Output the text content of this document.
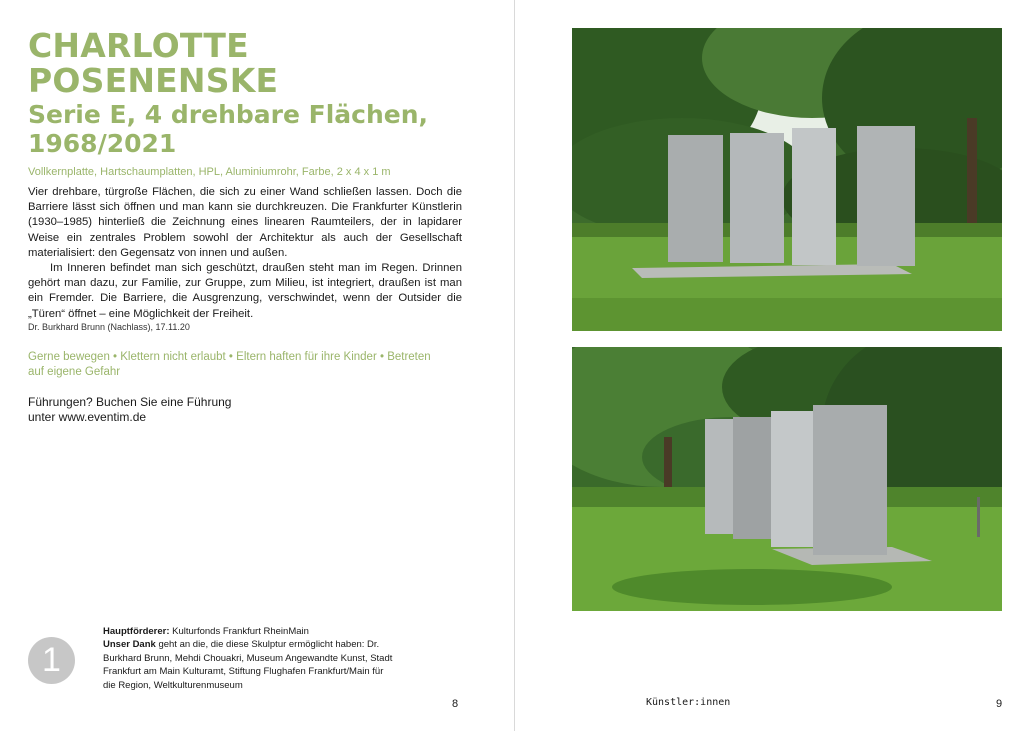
CHARLOTTE
POSENENSKE
Serie E, 4 drehbare Flächen,
1968/2021
Vollkernplatte, Hartschaumplatten, HPL, Aluminiumrohr, Farbe, 2 x 4 x 1 m

Vier drehbare, türgroße Flächen, die sich zu einer Wand schließen lassen. Doch die Barriere lässt sich öffnen und man kann sie durchkreuzen. Die Frankfurter Künstlerin (1930–1985) hinterließ die Zeichnung eines linearen Raumteilers, der in lapidarer Weise ein zentrales Problem sowohl der Architektur als auch der Gesellschaft materialisiert: den Gegensatz von innen und außen.

Im Inneren befindet man sich geschützt, draußen steht man im Regen. Drinnen gehört man dazu, zur Familie, zur Gruppe, zum Milieu, ist integriert, draußen ist man ein Fremder. Die Barriere, die Ausgrenzung, verschwindet, wenn der Outsider die „Türen“ öffnet – eine Möglichkeit der Freiheit.

Dr. Burkhard Brunn (Nachlass), 17.11.20
Gerne bewegen • Klettern nicht erlaubt • Eltern haften für ihre Kinder • Betreten auf eigene Gefahr
Führungen? Buchen Sie eine Führung
unter www.eventim.de
1
Hauptförderer: Kulturfonds Frankfurt RheinMain
Unser Dank geht an die, die diese Skulptur ermöglicht haben: Dr. Burkhard Brunn, Mehdi Chouakri, Museum Angewandte Kunst, Stadt Frankfurt am Main Kulturamt, Stiftung Flughafen Frankfurt/Main für die Region, Weltkulturenmuseum
8	Künstler:innen	9
